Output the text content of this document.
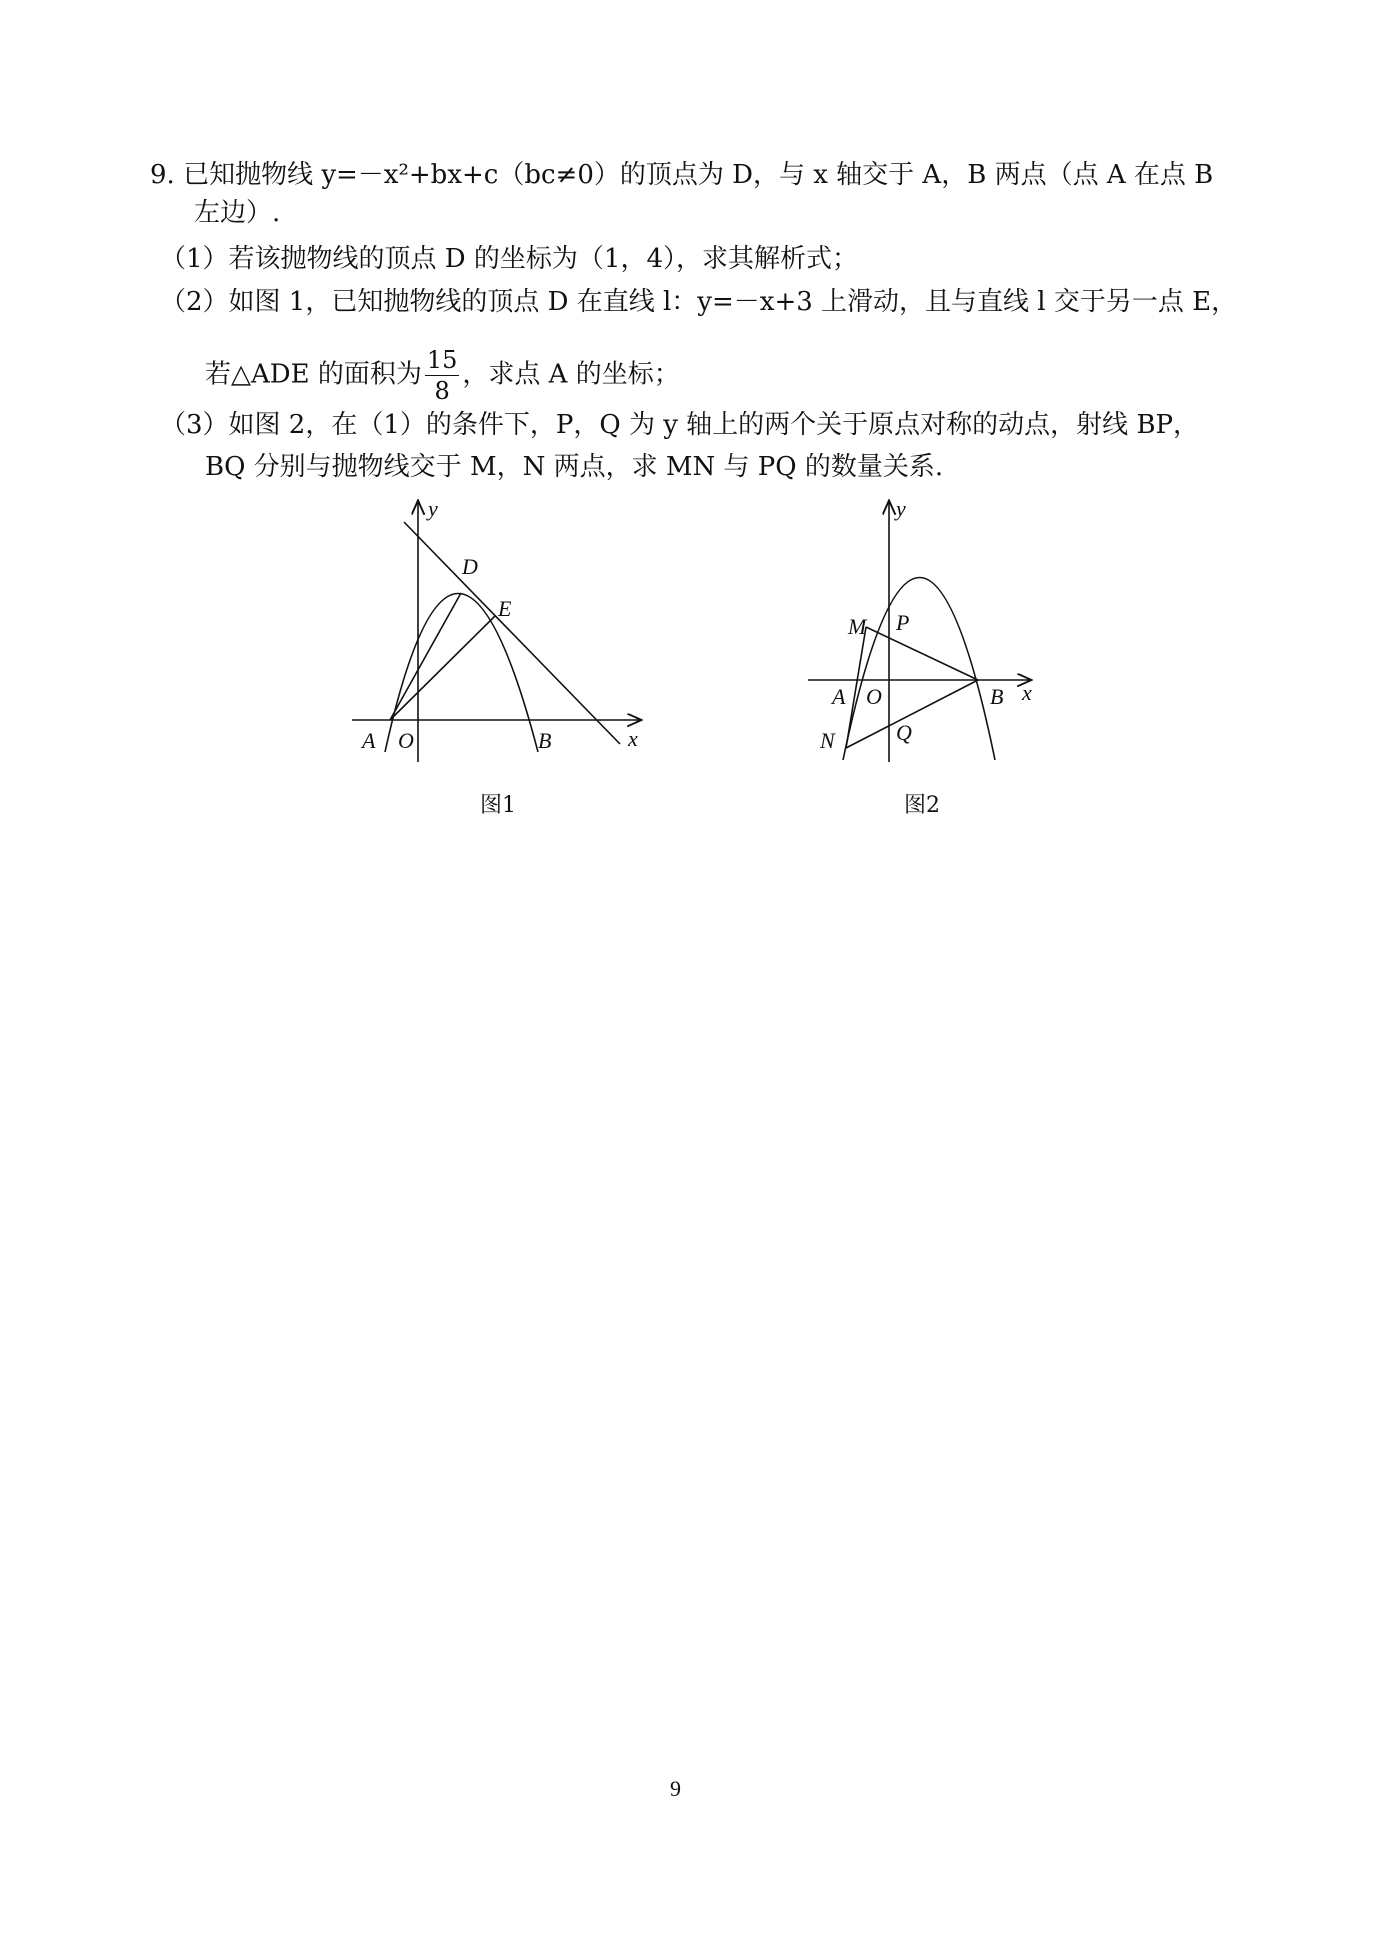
9. 已知抛物线 y=－x²+bx+c（bc≠0）的顶点为 D，与 x 轴交于 A，B 两点（点 A 在点 B
左边）.
（1）若该抛物线的顶点 D 的坐标为（1，4），求其解析式；
（2）如图 1，已知抛物线的顶点 D 在直线 l：y=－x+3 上滑动，且与直线 l 交于另一点 E，
若△ADE 的面积为 $\frac{15}{8}$ ，求点 A 的坐标；
（3）如图 2，在（1）的条件下，P，Q 为 y 轴上的两个关于原点对称的动点，射线 BP，
BQ 分别与抛物线交于 M，N 两点，求 MN 与 PQ 的数量关系.
y
x
D
E
A O	B
图1
y
x
M P
A O	B
N	Q
图2
9
